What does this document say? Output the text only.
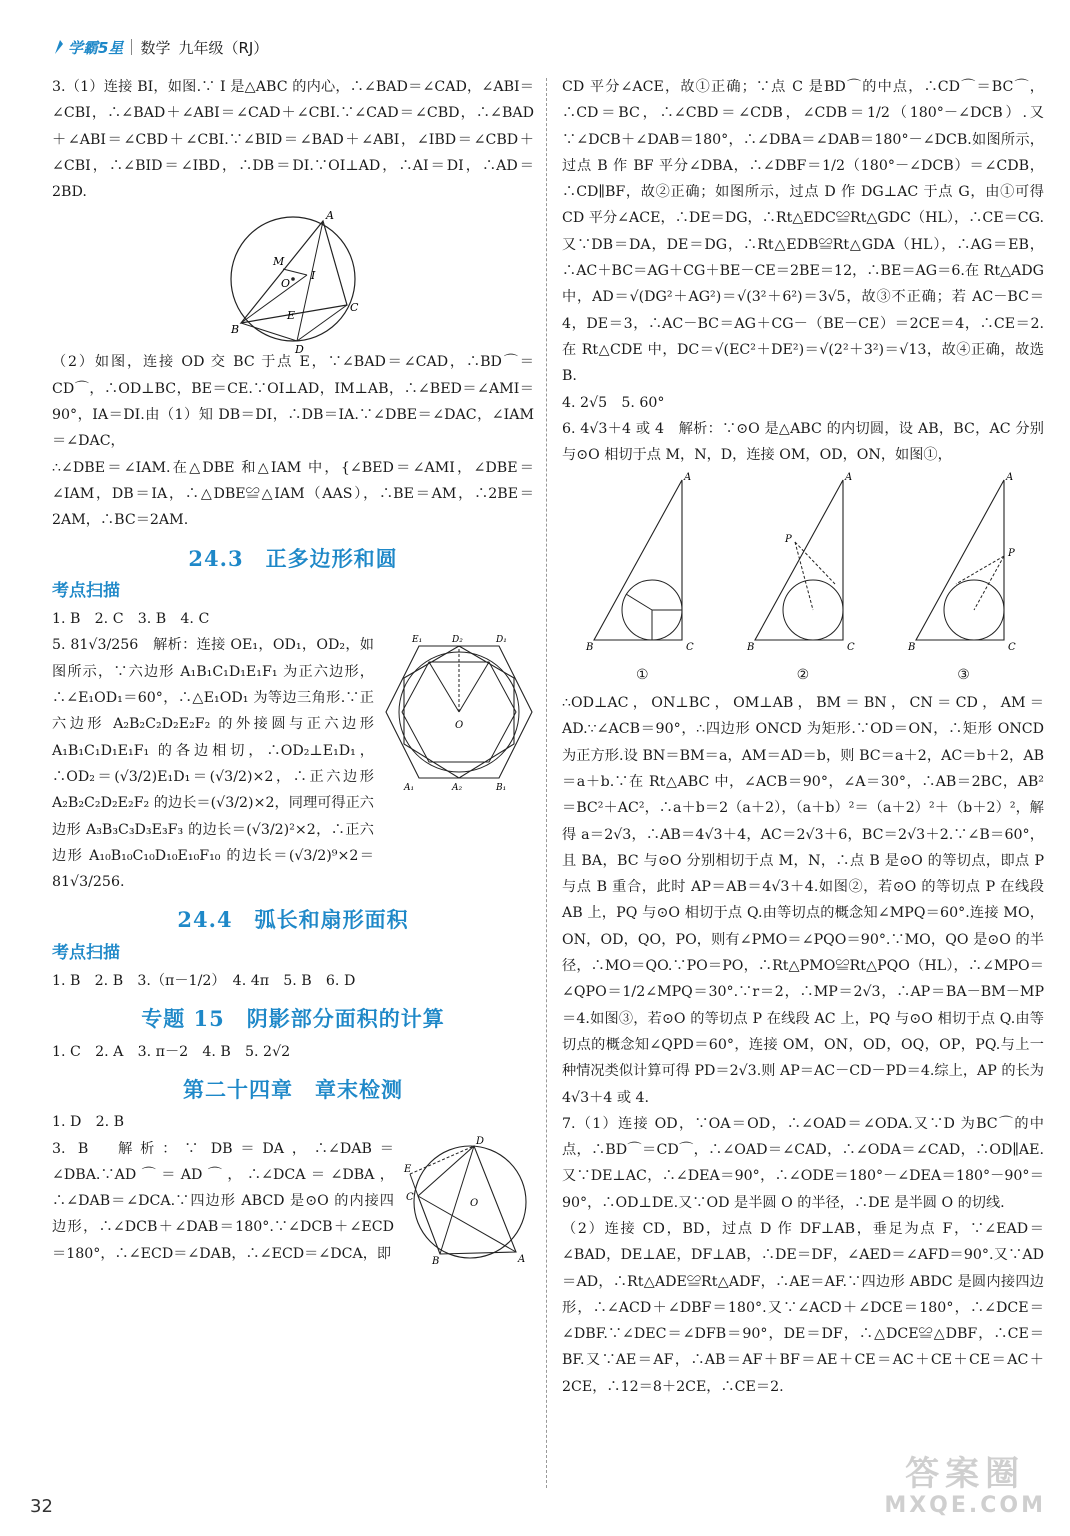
学霸5星 数学 九年级（RJ）

3.（1）连接 BI，如图.∵ I 是△ABC 的内心，∴∠BAD＝∠CAD，∠ABI＝∠CBI，∴∠BAD＋∠ABI＝∠CAD＋∠CBI.∵∠CAD＝∠CBD，∴∠BAD＋∠ABI＝∠CBD＋∠CBI.∵∠BID＝∠BAD＋∠ABI，∠IBD＝∠CBD＋∠CBI，∴∠BID＝∠IBD，∴DB＝DI.∵OI⊥AD，∴AI＝DI，∴AD＝2BD.

A
B
C
D
I
M
O
E

（2）如图，连接 OD 交 BC 于点 E，∵∠BAD＝∠CAD，∴BD⌒＝CD⌒，∴OD⊥BC，BE＝CE.∵OI⊥AD，IM⊥AB，∴∠BED＝∠AMI＝90°，IA＝DI.由（1）知 DB＝DI，∴DB＝IA.∵∠DBE＝∠DAC，∠IAM＝∠DAC，

∴∠DBE＝∠IAM.在△DBE 和△IAM 中，{∠BED＝∠AMI，∠DBE＝∠IAM，DB＝IA，∴△DBE≌△IAM（AAS），∴BE＝AM，∴2BE＝2AM，∴BC＝2AM.

24.3　正多边形和圆
考点扫描

1. B　2. C　3. B　4. C

5. 81√3/256　解析：连接 OE₁，OD₁，OD₂，如图所示，∵六边形 A₁B₁C₁D₁E₁F₁ 为正六边形，∴∠E₁OD₁＝60°，∴△E₁OD₁ 为等边三角形.∵正六边形 A₂B₂C₂D₂E₂F₂ 的外接圆与正六边形 A₁B₁C₁D₁E₁F₁ 的各边相切，∴OD₂⊥E₁D₁，∴OD₂＝(√3/2)E₁D₁＝(√3/2)×2，∴正六边形 A₂B₂C₂D₂E₂F₂ 的边长＝(√3/2)×2，同理可得正六边形 A₃B₃C₃D₃E₃F₃ 的边长＝(√3/2)²×2，∴正六边形 A₁₀B₁₀C₁₀D₁₀E₁₀F₁₀ 的边长＝(√3/2)⁹×2＝81√3/256.

O
E₁	D₂	D₁
A₁	A₂	B₁
24.4　弧长和扇形面积
考点扫描

1. B　2. B　3.（π－1/2）　4. 4π　5. B　6. D

专题 15　阴影部分面积的计算

1. C　2. A　3. π－2　4. B　5. 2√2

第二十四章　章末检测

1. D　2. B

3. B　解析：∵ DB＝DA，∴∠DAB＝∠DBA.∵AD⌒＝AD⌒，∴∠DCA＝∠DBA，∴∠DAB＝∠DCA.∵四边形 ABCD 是⊙O 的内接四边形，∴∠DCB＋∠DAB＝180°.∵∠DCB＋∠ECD＝180°，∴∠ECD＝∠DAB，∴∠ECD＝∠DCA，即

D
E
C
B	A
O

CD 平分∠ACE，故①正确；∵点 C 是BD⌒的中点，∴CD⌒＝BC⌒，∴CD＝BC，∴∠CBD＝∠CDB，∠CDB＝1/2（180°－∠DCB）.又∵∠DCB＋∠DAB＝180°，∴∠DBA＝∠DAB＝180°－∠DCB.如图所示，过点 B 作 BF 平分∠DBA，∴∠DBF＝1/2（180°－∠DCB）＝∠CDB，∴CD∥BF，故②正确；如图所示，过点 D 作 DG⊥AC 于点 G，由①可得 CD 平分∠ACE，∴DE＝DG，∴Rt△EDC≌Rt△GDC（HL），∴CE＝CG.又∵DB＝DA，DE＝DG，∴Rt△EDB≌Rt△GDA（HL），∴AG＝EB，∴AC＋BC＝AG＋CG＋BE－CE＝2BE＝12，∴BE＝AG＝6.在 Rt△ADG 中，AD＝√(DG²＋AG²)＝√(3²＋6²)＝3√5，故③不正确；若 AC－BC＝4，DE＝3，∴AC－BC＝AG＋CG－（BE－CE）＝2CE＝4，∴CE＝2.在 Rt△CDE 中，DC＝√(EC²＋DE²)＝√(2²＋3²)＝√13，故④正确，故选 B.

4. 2√5　5. 60°

6. 4√3＋4 或 4　解析：∵⊙O 是△ABC 的内切圆，设 AB，BC，AC 分别与⊙O 相切于点 M，N，D，连接 OM，OD，ON，如图①，

A
B	C
①
A
B	C
P
②
A
B	C
P
③

∴OD⊥AC，ON⊥BC，OM⊥AB，BM＝BN，CN＝CD，AM＝AD.∵∠ACB＝90°，∴四边形 ONCD 为矩形.∵OD＝ON，∴矩形 ONCD 为正方形.设 BN＝BM＝a，AM＝AD＝b，则 BC＝a＋2，AC＝b＋2，AB＝a＋b.∵在 Rt△ABC 中，∠ACB＝90°，∠A＝30°，∴AB＝2BC，AB²＝BC²＋AC²，∴a＋b＝2（a＋2），（a＋b）²＝（a＋2）²＋（b＋2）²，解得 a＝2√3，∴AB＝4√3＋4，AC＝2√3＋6，BC＝2√3＋2.∵∠B＝60°，且 BA，BC 与⊙O 分别相切于点 M，N，∴点 B 是⊙O 的等切点，即点 P 与点 B 重合，此时 AP＝AB＝4√3＋4.如图②，若⊙O 的等切点 P 在线段 AB 上，PQ 与⊙O 相切于点 Q.由等切点的概念知∠MPQ＝60°.连接 MO，ON，OD，QO，PO，则有∠PMO＝∠PQO＝90°.∵MO，QO 是⊙O 的半径，∴MO＝QO.∵PO＝PO，∴Rt△PMO≌Rt△PQO（HL），∴∠MPO＝∠QPO＝1/2∠MPQ＝30°.∵r＝2，∴MP＝2√3，∴AP＝BA－BM－MP＝4.如图③，若⊙O 的等切点 P 在线段 AC 上，PQ 与⊙O 相切于点 Q.由等切点的概念知∠QPD＝60°，连接 OM，ON，OD，OQ，OP，PQ.与上一种情况类似计算可得 PD＝2√3.则 AP＝AC－CD－PD＝4.综上，AP 的长为 4√3＋4 或 4.

7.（1）连接 OD，∵OA＝OD，∴∠OAD＝∠ODA.又∵D 为BC⌒的中点，∴BD⌒＝CD⌒，∴∠OAD＝∠CAD，∴∠ODA＝∠CAD，∴OD∥AE.又∵DE⊥AC，∴∠DEA＝90°，∴∠ODE＝180°－∠DEA＝180°－90°＝90°，∴OD⊥DE.又∵OD 是半圆 O 的半径，∴DE 是半圆 O 的切线.

（2）连接 CD，BD，过点 D 作 DF⊥AB，垂足为点 F，∵∠EAD＝∠BAD，DE⊥AE，DF⊥AB，∴DE＝DF，∠AED＝∠AFD＝90°.又∵AD＝AD，∴Rt△ADE≌Rt△ADF，∴AE＝AF.∵四边形 ABDC 是圆内接四边形，∴∠ACD＋∠DBF＝180°.又∵∠ACD＋∠DCE＝180°，∴∠DCE＝∠DBF.∵∠DEC＝∠DFB＝90°，DE＝DF，∴△DCE≌△DBF，∴CE＝BF.又∵AE＝AF，∴AB＝AF＋BF＝AE＋CE＝AC＋CE＋CE＝AC＋2CE，∴12＝8＋2CE，∴CE＝2.

32
答案圈
MXQE.COM
